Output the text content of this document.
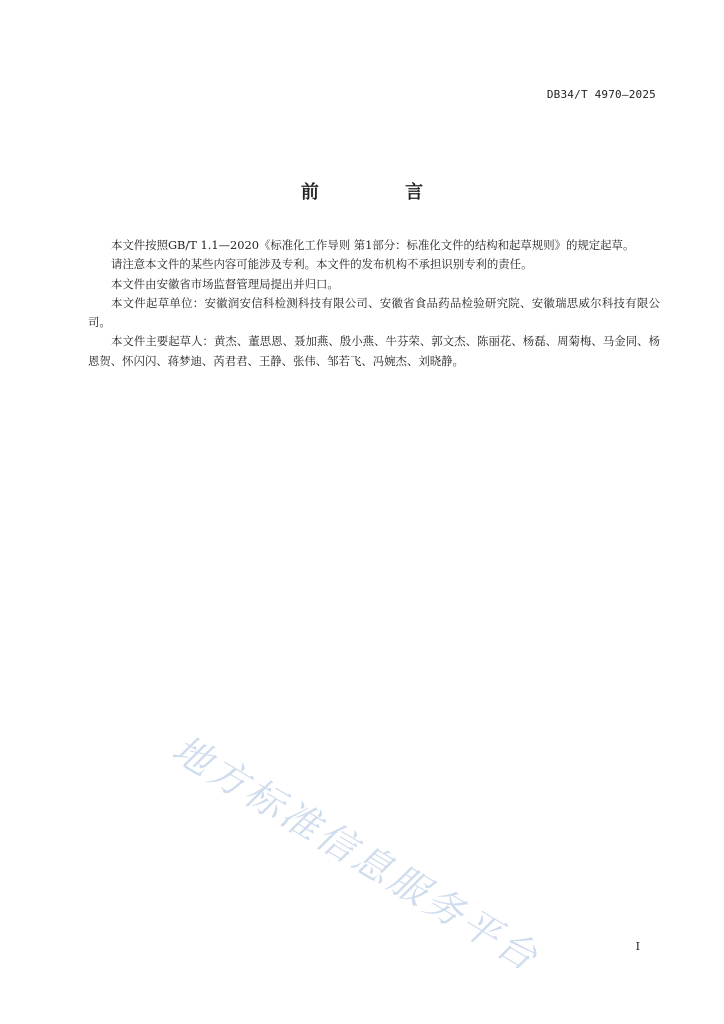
DB34/T 4970—2025
前 言

本文件按照GB/T 1.1—2020《标准化工作导则 第1部分：标准化文件的结构和起草规则》的规定起草。

请注意本文件的某些内容可能涉及专利。本文件的发布机构不承担识别专利的责任。

本文件由安徽省市场监督管理局提出并归口。

本文件起草单位：安徽润安信科检测科技有限公司、安徽省食品药品检验研究院、安徽瑞思威尔科技有限公司。

本文件主要起草人：黄杰、董思恩、聂加燕、殷小燕、牛芬荣、郭文杰、陈丽花、杨磊、周菊梅、马金同、杨恩贺、怀闪闪、蒋梦迪、芮君君、王静、张伟、邹若飞、冯婉杰、刘晓静。

地方标准信息服务平台	I
